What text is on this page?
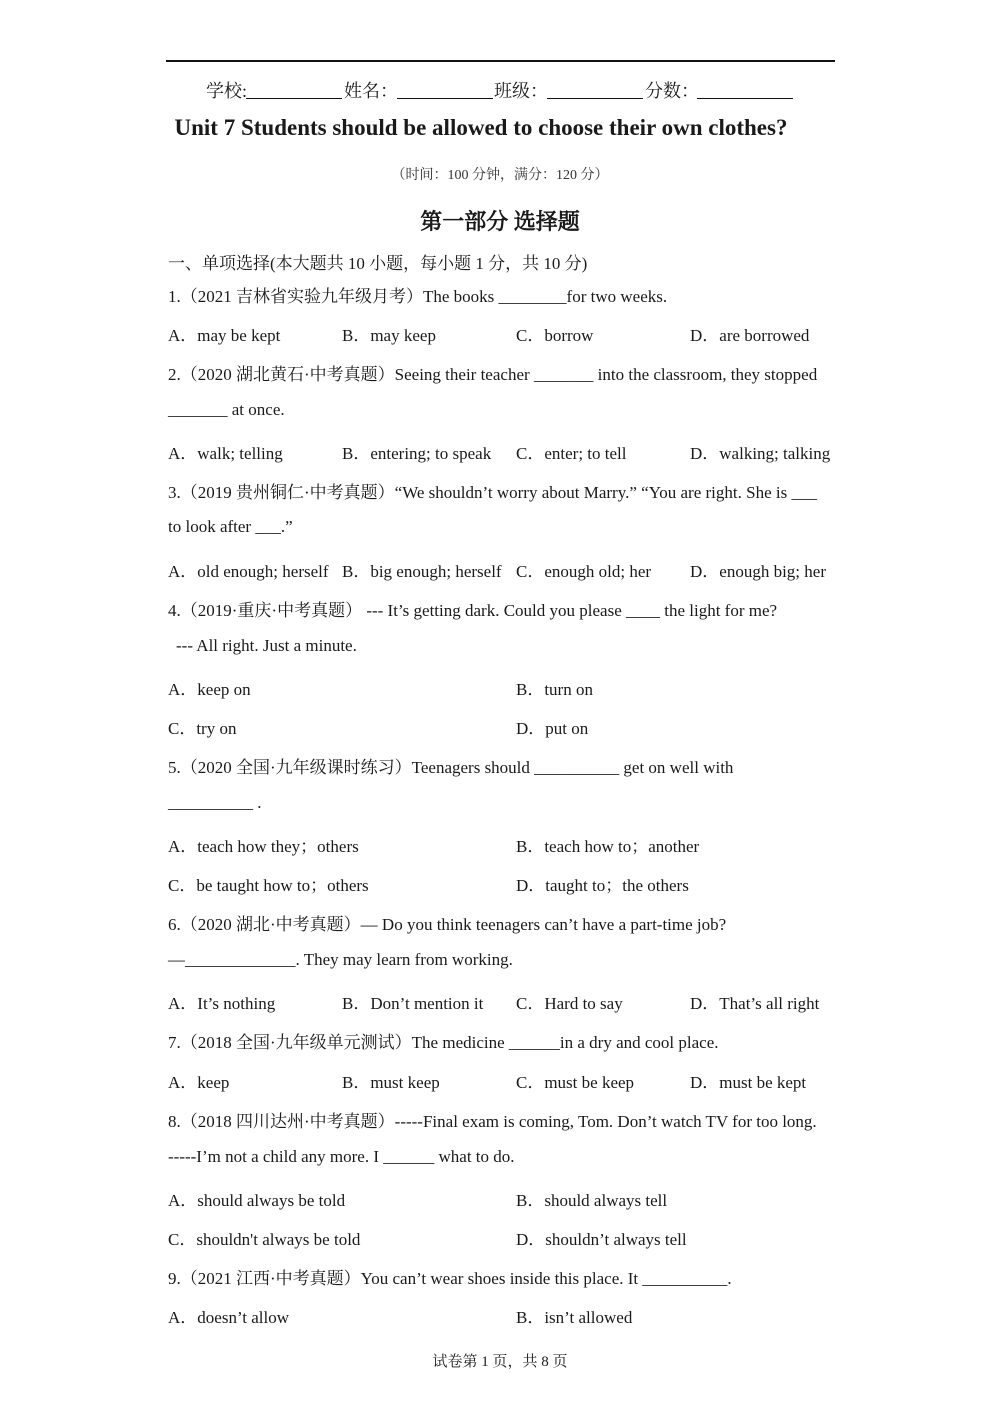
学校:	姓名：	班级：	分数：
Unit 7 Students should be allowed to choose their own clothes?
（时间：100 分钟，满分：120 分）
第一部分 选择题
一、单项选择(本大题共 10 小题，每小题 1 分，共 10 分)
1.（2021 吉林省实验九年级月考）The books ________for two weeks.
A．may be kept	B．may keep	C．borrow	D．are borrowed
2.（2020 湖北黄石·中考真题）Seeing their teacher _______ into the classroom, they stopped
_______ at once.
A．walk; telling	B．entering; to speak C．enter; to tell	D．walking; talking
3.（2019 贵州铜仁·中考真题）“We shouldn’t worry about Marry.” “You are right. She is ___
to look after ___.”
A．old enough; herself B．big enough; herself C．enough old; her D．enough big; her
4.（2019·重庆·中考真题） --- It’s getting dark. Could you please ____ the light for me?
--- All right. Just a minute.
A．keep on	B．turn on
C．try on	D．put on
5.（2020 全国·九年级课时练习）Teenagers should __________ get on well with
__________ .
A．teach how they；others	B．teach how to；another
C．be taught how to；others	D．taught to；the others
6.（2020 湖北·中考真题）— Do you think teenagers can’t have a part-time job?
—_____________. They may learn from working.
A．It’s nothing	B．Don’t mention it C．Hard to say	D．That’s all right
7.（2018 全国·九年级单元测试）The medicine ______in a dry and cool place.
A．keep	B．must keep	C．must be keep	D．must be kept
8.（2018 四川达州·中考真题）-----Final exam is coming, Tom. Don’t watch TV for too long.
-----I’m not a child any more. I ______ what to do.
A．should always be told	B．should always tell
C．shouldn't always be told	D．shouldn’t always tell
9.（2021 江西·中考真题）You can’t wear shoes inside this place. It __________.
A．doesn’t allow	B．isn’t allowed
试卷第 1 页，共 8 页
